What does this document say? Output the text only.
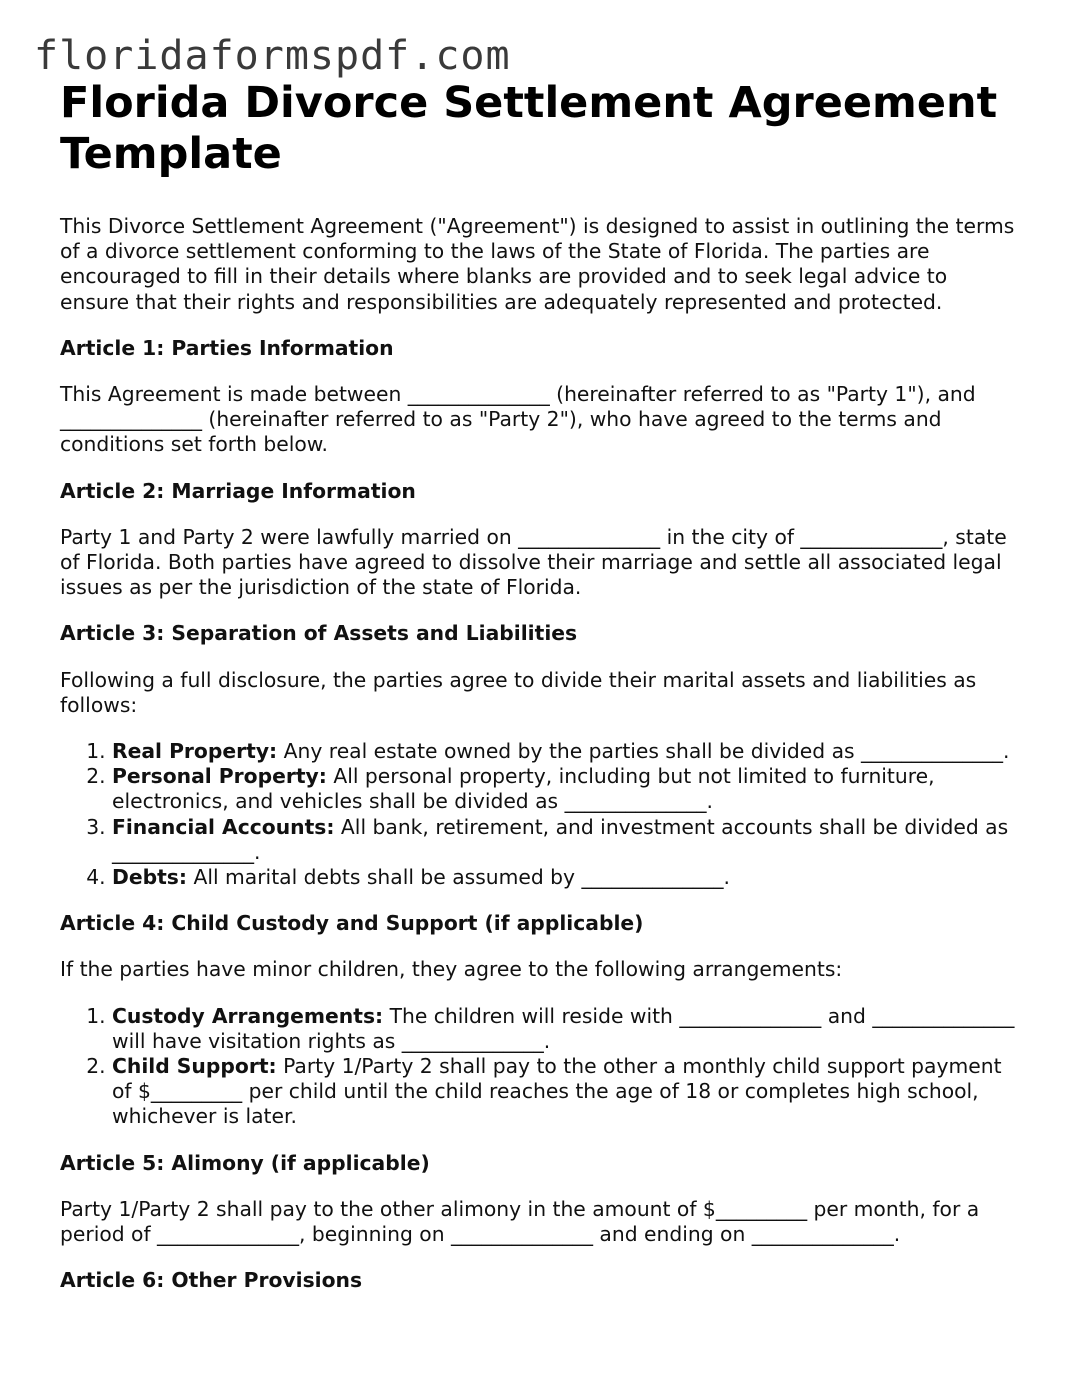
floridaformspdf.com
Florida Divorce Settlement Agreement Template

This Divorce Settlement Agreement ("Agreement") is designed to assist in outlining the terms of a divorce settlement conforming to the laws of the State of Florida. The parties are encouraged to fill in their details where blanks are provided and to seek legal advice to ensure that their rights and responsibilities are adequately represented and protected.

Article 1: Parties Information

This Agreement is made between ______________ (hereinafter referred to as "Party 1"), and ______________ (hereinafter referred to as "Party 2"), who have agreed to the terms and conditions set forth below.

Article 2: Marriage Information

Party 1 and Party 2 were lawfully married on ______________ in the city of ______________, state of Florida. Both parties have agreed to dissolve their marriage and settle all associated legal issues as per the jurisdiction of the state of Florida.

Article 3: Separation of Assets and Liabilities

Following a full disclosure, the parties agree to divide their marital assets and liabilities as follows:

1. Real Property: Any real estate owned by the parties shall be divided as ______________.
2. Personal Property: All personal property, including but not limited to furniture, electronics, and vehicles shall be divided as ______________.
3. Financial Accounts: All bank, retirement, and investment accounts shall be divided as ______________.
4. Debts: All marital debts shall be assumed by ______________.
Article 4: Child Custody and Support (if applicable)

If the parties have minor children, they agree to the following arrangements:

1. Custody Arrangements: The children will reside with ______________ and ______________ will have visitation rights as ______________.
2. Child Support: Party 1/Party 2 shall pay to the other a monthly child support payment of $_________ per child until the child reaches the age of 18 or completes high school, whichever is later.
Article 5: Alimony (if applicable)

Party 1/Party 2 shall pay to the other alimony in the amount of $_________ per month, for a period of ______________, beginning on ______________ and ending on ______________.

Article 6: Other Provisions
